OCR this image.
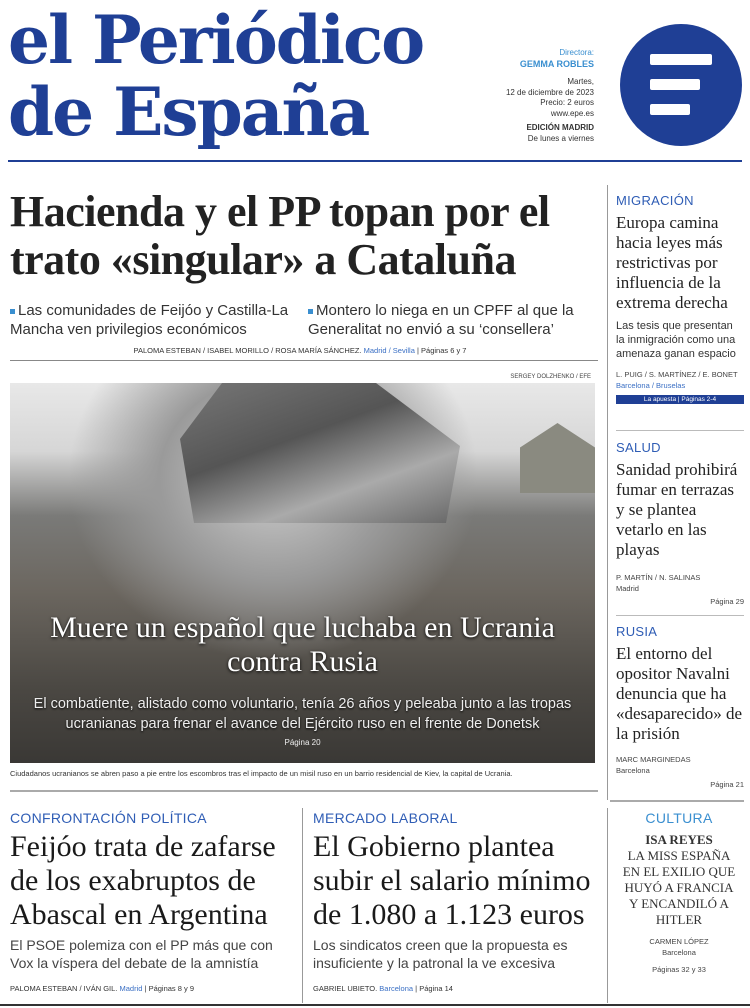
el Periódico
de España
Directora:
GEMMA ROBLES
Martes,
12 de diciembre de 2023
Precio: 2 euros
www.epe.es
EDICIÓN MADRID
De lunes a viernes
Hacienda y el PP topan por el trato «singular» a Cataluña
Las comunidades de Feijóo y Castilla-La Mancha ven privilegios económicos
Montero lo niega en un CPFF al que la Generalitat no envió a su ‘consellera’
PALOMA ESTEBAN / ISABEL MORILLO / ROSA MARÍA SÁNCHEZ. Madrid / Sevilla | Páginas 6 y 7
SERGEY DOLZHENKO / EFE
Muere un español que luchaba en Ucrania contra Rusia
El combatiente, alistado como voluntario, tenía 26 años y peleaba junto a las tropas ucranianas para frenar el avance del Ejército ruso en el frente de Donetsk
Página 20
Ciudadanos ucranianos se abren paso a pie entre los escombros tras el impacto de un misil ruso en un barrio residencial de Kiev, la capital de Ucrania.
MIGRACIÓN
Europa camina hacia leyes más restrictivas por influencia de la extrema derecha
Las tesis que presentan la inmigración como una amenaza ganan espacio
L. PUIG / S. MARTÍNEZ / E. BONET Barcelona / Bruselas
La apuesta | Páginas 2-4
SALUD
Sanidad prohibirá fumar en terrazas y se plantea vetarlo en las playas
P. MARTÍN / N. SALINAS
Madrid
Página 29
RUSIA
El entorno del opositor Navalni denuncia que ha «desaparecido» de la prisión
MARC MARGINEDAS
Barcelona
Página 21
CONFRONTACIÓN POLÍTICA
Feijóo trata de zafarse de los exabruptos de Abascal en Argentina
El PSOE polemiza con el PP más que con Vox la víspera del debate de la amnistía
PALOMA ESTEBAN / IVÁN GIL. Madrid | Páginas 8 y 9
MERCADO LABORAL
El Gobierno plantea subir el salario mínimo de 1.080 a 1.123 euros
Los sindicatos creen que la propuesta es insuficiente y la patronal la ve excesiva
GABRIEL UBIETO. Barcelona | Página 14
CULTURA
ISA REYES
LA MISS ESPAÑA EN EL EXILIO QUE HUYÓ A FRANCIA Y ENCANDILÓ A HITLER
CARMEN LÓPEZ
Barcelona
Páginas 32 y 33
